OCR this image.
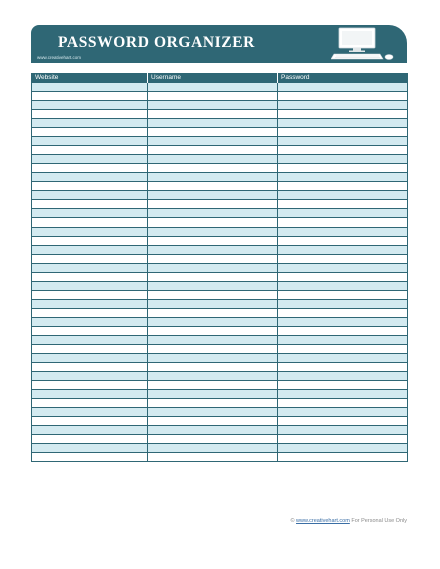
PASSWORD ORGANIZER
www.creativehart.com
Website	Username	Password

© www.creativehart.com For Personal Use Only
